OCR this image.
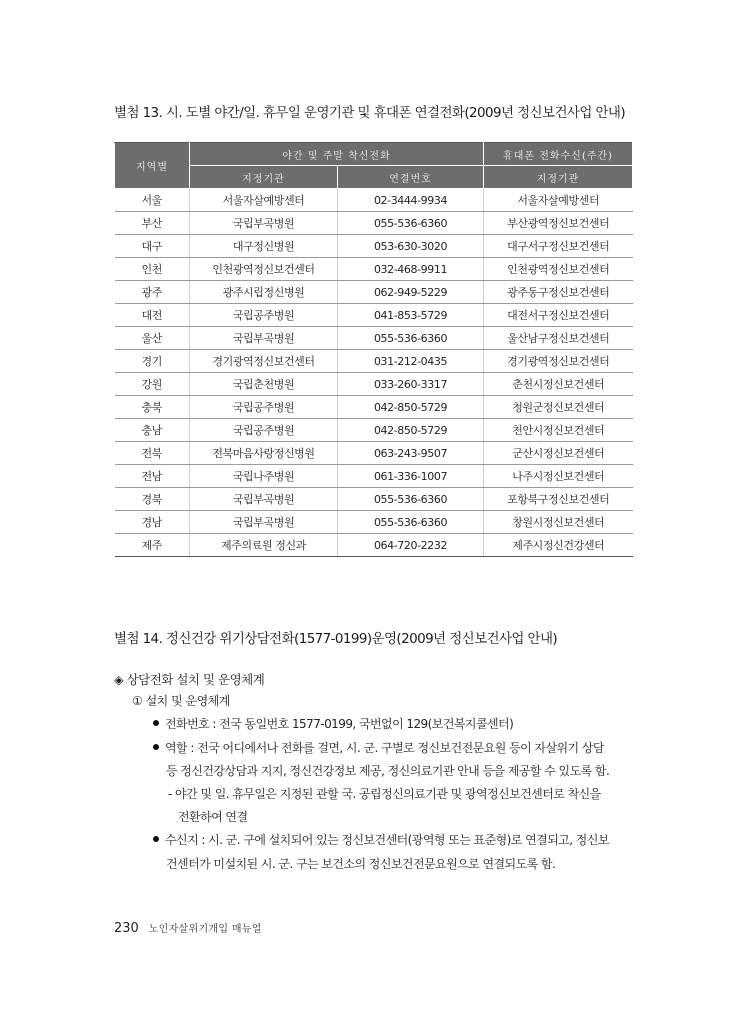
별첨 13. 시. 도별 야간/일. 휴무일 운영기관 및 휴대폰 연결전화(2009년 정신보건사업 안내)
지역별	야간 및 주말 착신전화		휴대폰 전화수신(주간)
	지정기관	연결번호	지정기관
서울	서울자살예방센터	02-3444-9934	서울자살예방센터
부산	국립부곡병원	055-536-6360	부산광역정신보건센터
대구	대구정신병원	053-630-3020	대구서구정신보건센터
인천	인천광역정신보건센터	032-468-9911	인천광역정신보건센터
광주	광주시립정신병원	062-949-5229	광주동구정신보건센터
대전	국립공주병원	041-853-5729	대전서구정신보건센터
울산	국립부곡병원	055-536-6360	울산남구정신보건센터
경기	경기광역정신보건센터	031-212-0435	경기광역정신보건센터
강원	국립춘천병원	033-260-3317	춘천시정신보건센터
충북	국립공주병원	042-850-5729	청원군정신보건센터
충남	국립공주병원	042-850-5729	천안시정신보건센터
전북	전북마음사랑정신병원	063-243-9507	군산시정신보건센터
전남	국립나주병원	061-336-1007	나주시정신보건센터
경북	국립부곡병원	055-536-6360	포항북구정신보건센터
경남	국립부곡병원	055-536-6360	창원시정신보건센터
제주	제주의료원 정신과	064-720-2232	제주시정신건강센터
별첨 14. 정신건강 위기상담전화(1577-0199)운영(2009년 정신보건사업 안내)
◈ 상담전화 설치 및 운영체계
① 설치 및 운영체계
전화번호 : 전국 동일번호 1577-0199, 국번없이 129(보건복지콜센터)
역할 : 전국 어디에서나 전화를 걸면, 시. 군. 구별로 정신보건전문요원 등이 자살위기 상담
등 정신건강상담과 지지, 정신건강정보 제공, 정신의료기관 안내 등을 제공할 수 있도록 함.
- 야간 및 일. 휴무일은 지정된 관할 국. 공립정신의료기관 및 광역정신보건센터로 착신을
전환하여 연결
수신지 : 시. 군. 구에 설치되어 있는 정신보건센터(광역형 또는 표준형)로 연결되고, 정신보
건센터가 미설치된 시. 군. 구는 보건소의 정신보건전문요원으로 연결되도록 함.
230 노인자살위기개입 매뉴얼
